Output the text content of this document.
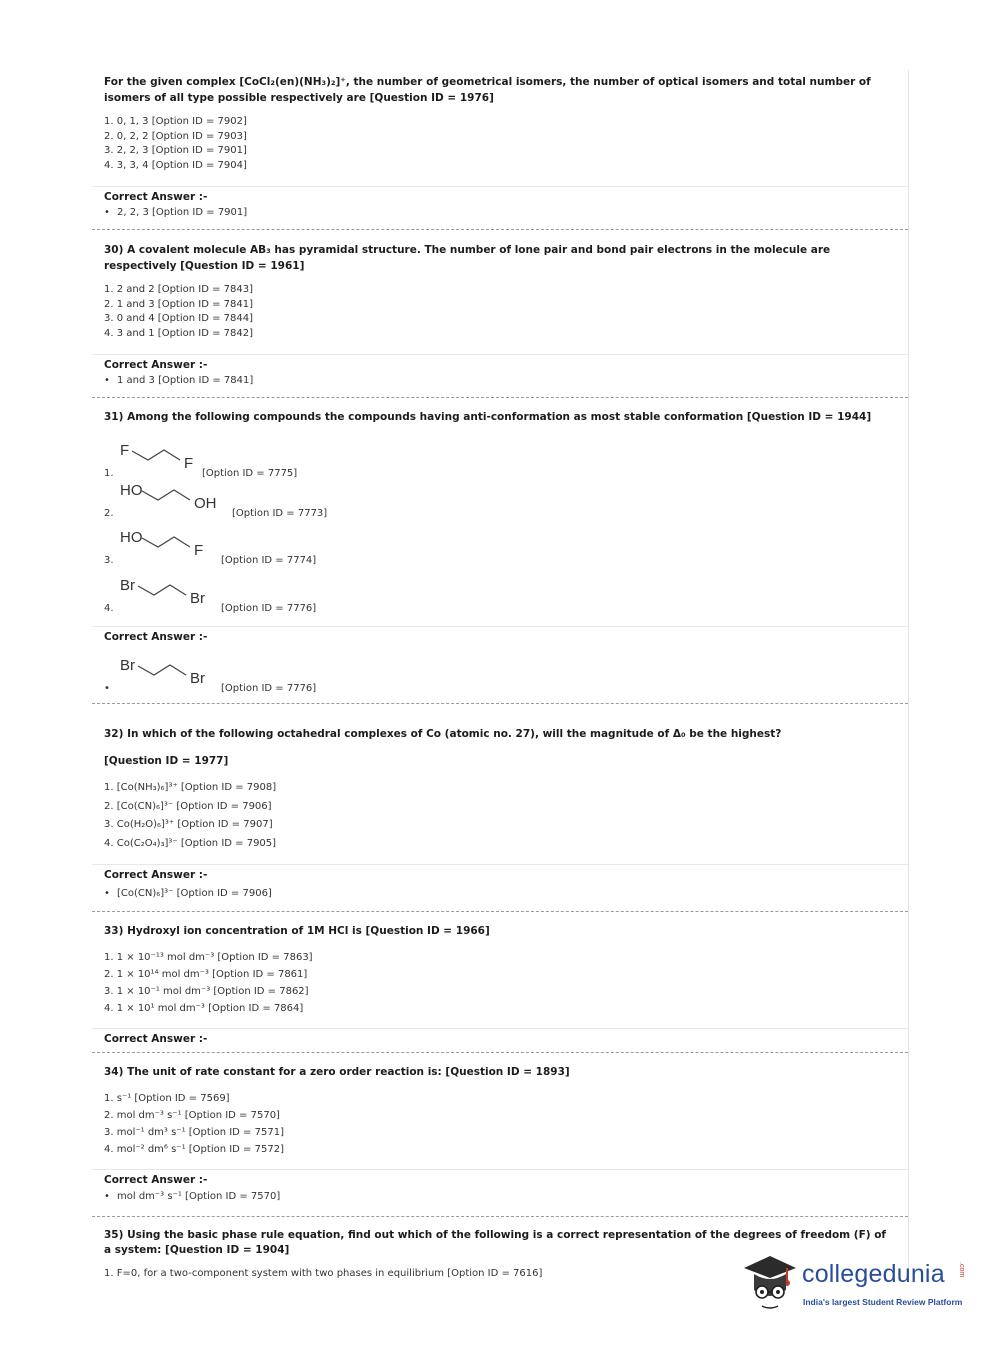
For the given complex [CoCl₂(en)(NH₃)₂]⁺, the number of geometrical isomers, the number of optical isomers and total number of isomers of all type possible respectively are [Question ID = 1976]
1. 0, 1, 3 [Option ID = 7902]
2. 0, 2, 2 [Option ID = 7903]
3. 2, 2, 3 [Option ID = 7901]
4. 3, 3, 4 [Option ID = 7904]
Correct Answer :-
• 2, 2, 3 [Option ID = 7901]
30) A covalent molecule AB₃ has pyramidal structure. The number of lone pair and bond pair electrons in the molecule are respectively [Question ID = 1961]
1. 2 and 2 [Option ID = 7843]
2. 1 and 3 [Option ID = 7841]
3. 0 and 4 [Option ID = 7844]
4. 3 and 1 [Option ID = 7842]
Correct Answer :-
• 1 and 3 [Option ID = 7841]
31) Among the following compounds the compounds having anti-conformation as most stable conformation [Question ID = 1944]
1.
F
F
[Option ID = 7775]
2.
HO
OH
[Option ID = 7773]
3.
HO
F
[Option ID = 7774]
4.
Br
Br
[Option ID = 7776]
Correct Answer :-
•
Br
Br
[Option ID = 7776]
32) In which of the following octahedral complexes of Co (atomic no. 27), will the magnitude of Δ₀ be the highest?
[Question ID = 1977]
1. [Co(NH₃)₆]³⁺ [Option ID = 7908]
2. [Co(CN)₆]³⁻ [Option ID = 7906]
3. Co(H₂O)₆]³⁺ [Option ID = 7907]
4. Co(C₂O₄)₃]³⁻ [Option ID = 7905]
Correct Answer :-
• [Co(CN)₆]³⁻ [Option ID = 7906]
33) Hydroxyl ion concentration of 1M HCl is [Question ID = 1966]
1. 1 × 10⁻¹³ mol dm⁻³ [Option ID = 7863]
2. 1 × 10¹⁴ mol dm⁻³ [Option ID = 7861]
3. 1 × 10⁻¹ mol dm⁻³ [Option ID = 7862]
4. 1 × 10¹ mol dm⁻³ [Option ID = 7864]
Correct Answer :-
34) The unit of rate constant for a zero order reaction is: [Question ID = 1893]
1. s⁻¹ [Option ID = 7569]
2. mol dm⁻³ s⁻¹ [Option ID = 7570]
3. mol⁻¹ dm³ s⁻¹ [Option ID = 7571]
4. mol⁻² dm⁶ s⁻¹ [Option ID = 7572]
Correct Answer :-
• mol dm⁻³ s⁻¹ [Option ID = 7570]
35) Using the basic phase rule equation, find out which of the following is a correct representation of the degrees of freedom (F) of a system: [Question ID = 1904]
1. F=0, for a two-component system with two phases in equilibrium [Option ID = 7616]	collegedunia .com
India's largest Student Review Platform
